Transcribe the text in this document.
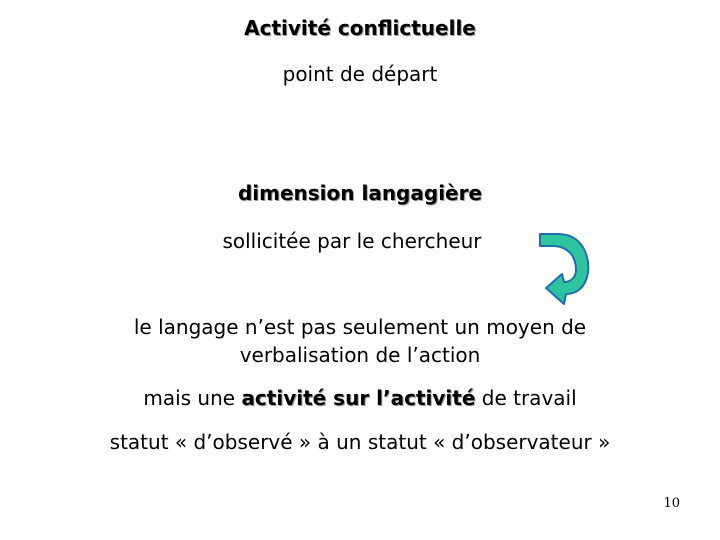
Activité conflictuelle
point de départ
dimension langagière
sollicitée par le chercheur
le langage n’est pas seulement un moyen de
verbalisation de l’action
mais une activité sur l’activité de travail
statut « d’observé » à un statut « d’observateur »
10
